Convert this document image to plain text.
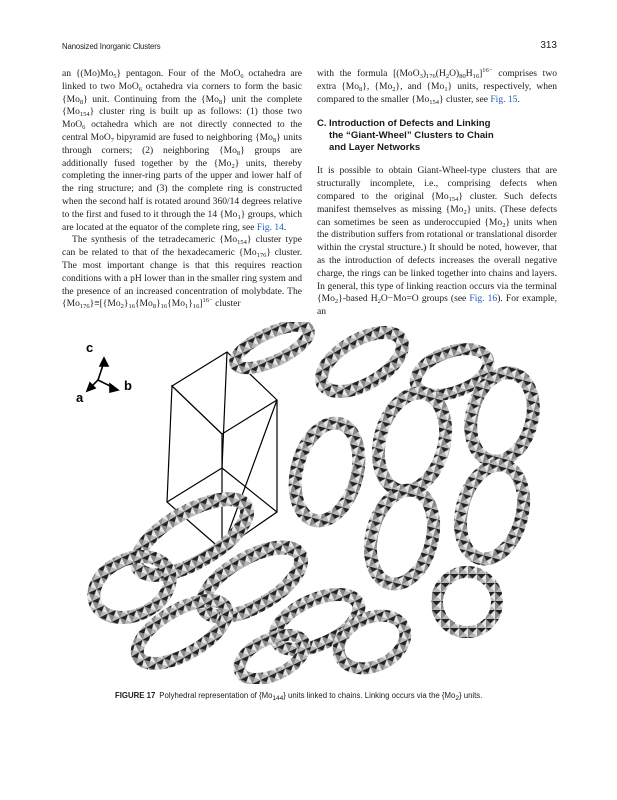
Nanosized Inorganic Clusters	313

an $\{(Mo)Mo_5\}$ pentagon. Four of the MoO$_6$ octahedra are linked to two MoO$_6$ octahedra via corners to form the basic $\{Mo_8\}$ unit. Continuing from the $\{Mo_8\}$ unit the complete $\{Mo_{154}\}$ cluster ring is built up as follows: (1) those two MoO$_6$ octahedra which are not directly connected to the central MoO$_7$ bipyramid are fused to neighboring $\{Mo_8\}$ units through corners; (2) neighboring $\{Mo_8\}$ groups are additionally fused together by the $\{Mo_2\}$ units, thereby completing the inner-ring parts of the upper and lower half of the ring structure; and (3) the complete ring is constructed when the second half is rotated around 360/14 degrees relative to the first and fused to it through the 14 $\{Mo_1\}$ groups, which are located at the equator of the complete ring, see Fig. 14.

The synthesis of the tetradecameric $\{Mo_{154}\}$ cluster type can be related to that of the hexadecameric $\{Mo_{176}\}$ cluster. The most important change is that this requires reaction conditions with a pH lower than in the smaller ring system and the presence of an increased concentration of molybdate. The $\{Mo_{176}\}\equiv[\{Mo_2\}_{16}\{Mo_8\}_{16}\{Mo_1\}_{16}]^{16-}$ cluster

with the formula $[(MoO_3)_{176}(H_2O)_{80}H_{16}]^{16-}$ comprises two extra $\{Mo_8\}$, $\{Mo_2\}$, and $\{Mo_1\}$ units, respectively, when compared to the smaller $\{Mo_{154}\}$ cluster, see Fig. 15.

C. Introduction of Defects and Linking
the “Giant-Wheel” Clusters to Chain
and Layer Networks

It is possible to obtain Giant-Wheel-type clusters that are structurally incomplete, i.e., comprising defects when compared to the original $\{Mo_{154}\}$ cluster. Such defects manifest themselves as missing $\{Mo_2\}$ units. (These defects can sometimes be seen as underoccupied $\{Mo_2\}$ units when the distribution suffers from rotational or translational disorder within the crystal structure.) It should be noted, however, that as the introduction of defects increases the overall negative charge, the rings can be linked together into chains and layers. In general, this type of linking reaction occurs via the terminal $\{Mo_2\}$-based $H_2O-Mo=O$ groups (see Fig. 16). For example, an

c
b
a
FIGURE 17 Polyhedral representation of $\{Mo_{144}\}$ units linked to chains. Linking occurs via the $\{Mo_2\}$ units.
